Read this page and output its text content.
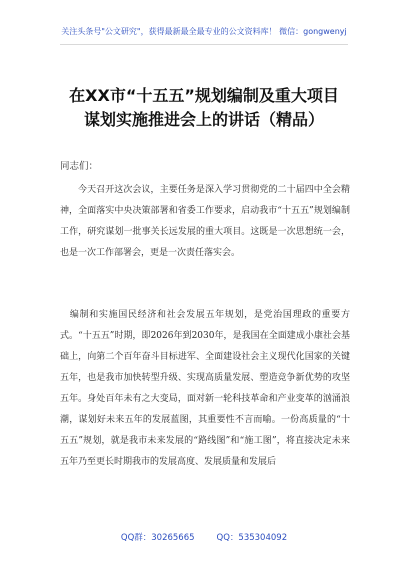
关注头条号"公文研究"，获得最新最全最专业的公文资料库！ 微信：gongwenyj
在XX市“十五五”规划编制及重大项目
谋划实施推进会上的讲话（精品）
同志们：

今天召开这次会议，主要任务是深入学习贯彻党的二十届四中全会精神，全面落实中央决策部署和省委工作要求，启动我市“十五五”规划编制工作，研究谋划一批事关长远发展的重大项目。这既是一次思想统一会，也是一次工作部署会，更是一次责任落实会。

编制和实施国民经济和社会发展五年规划，是党治国理政的重要方式。“十五五”时期，即2026年到2030年，是我国在全面建成小康社会基础上，向第二个百年奋斗目标进军、全面建设社会主义现代化国家的关键五年，也是我市加快转型升级、实现高质量发展、塑造竞争新优势的攻坚五年。身处百年未有之大变局，面对新一轮科技革命和产业变革的汹涌浪潮，谋划好未来五年的发展蓝图，其重要性不言而喻。一份高质量的“十五五”规划，就是我市未来发展的“路线图”和“施工图”，将直接决定未来五年乃至更长时期我市的发展高度、发展质量和发展后

QQ群：30265665	QQ：535304092
